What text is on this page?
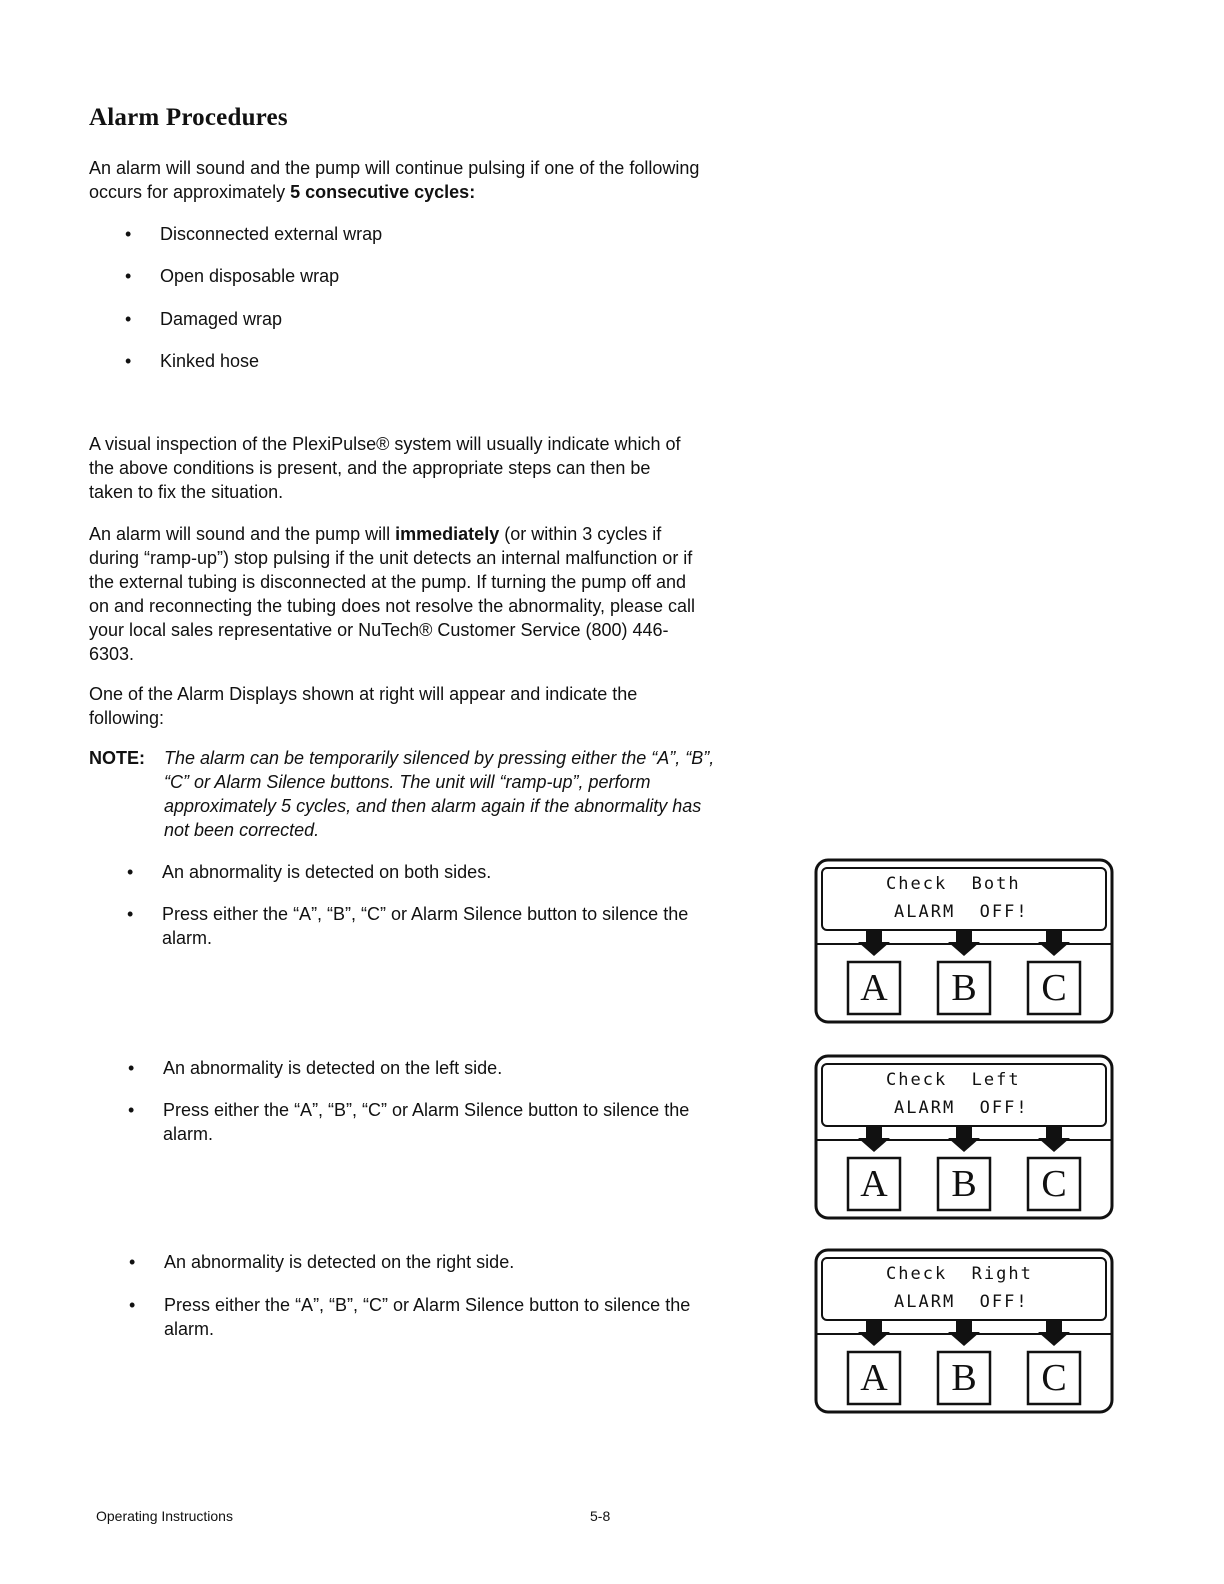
Alarm Procedures

An alarm will sound and the pump will continue pulsing if one of the following occurs for approximately 5 consecutive cycles:

•	Disconnected external wrap
•	Open disposable wrap
•	Damaged wrap
•	Kinked hose

A visual inspection of the PlexiPulse® system will usually indicate which of the above conditions is present, and the appropriate steps can then be taken to fix the situation.

An alarm will sound and the pump will immediately (or within 3 cycles if during “ramp-up”) stop pulsing if the unit detects an internal malfunction or if the external tubing is disconnected at the pump. If turning the pump off and on and reconnecting the tubing does not resolve the abnormality, please call your local sales representative or NuTech® Customer Service (800) 446-6303.

One of the Alarm Displays shown at right will appear and indicate the following:

NOTE: The alarm can be temporarily silenced by pressing either the “A”, “B”, “C” or Alarm Silence buttons. The unit will “ramp-up”, perform approximately 5 cycles, and then alarm again if the abnormality has not been corrected.
•	An abnormality is detected on both sides.
•	Press either the “A”, “B”, “C” or Alarm Silence button to silence the alarm.
•	An abnormality is detected on the left side.
•	Press either the “A”, “B”, “C” or Alarm Silence button to silence the alarm.
•	An abnormality is detected on the right side.
•	Press either the “A”, “B”, “C” or Alarm Silence button to silence the alarm.
Check  Both
ALARM  OFF!
A B C
Check  Left
ALARM  OFF!
A B C
Check  Right
ALARM  OFF!
A B C
Operating Instructions	5-8
